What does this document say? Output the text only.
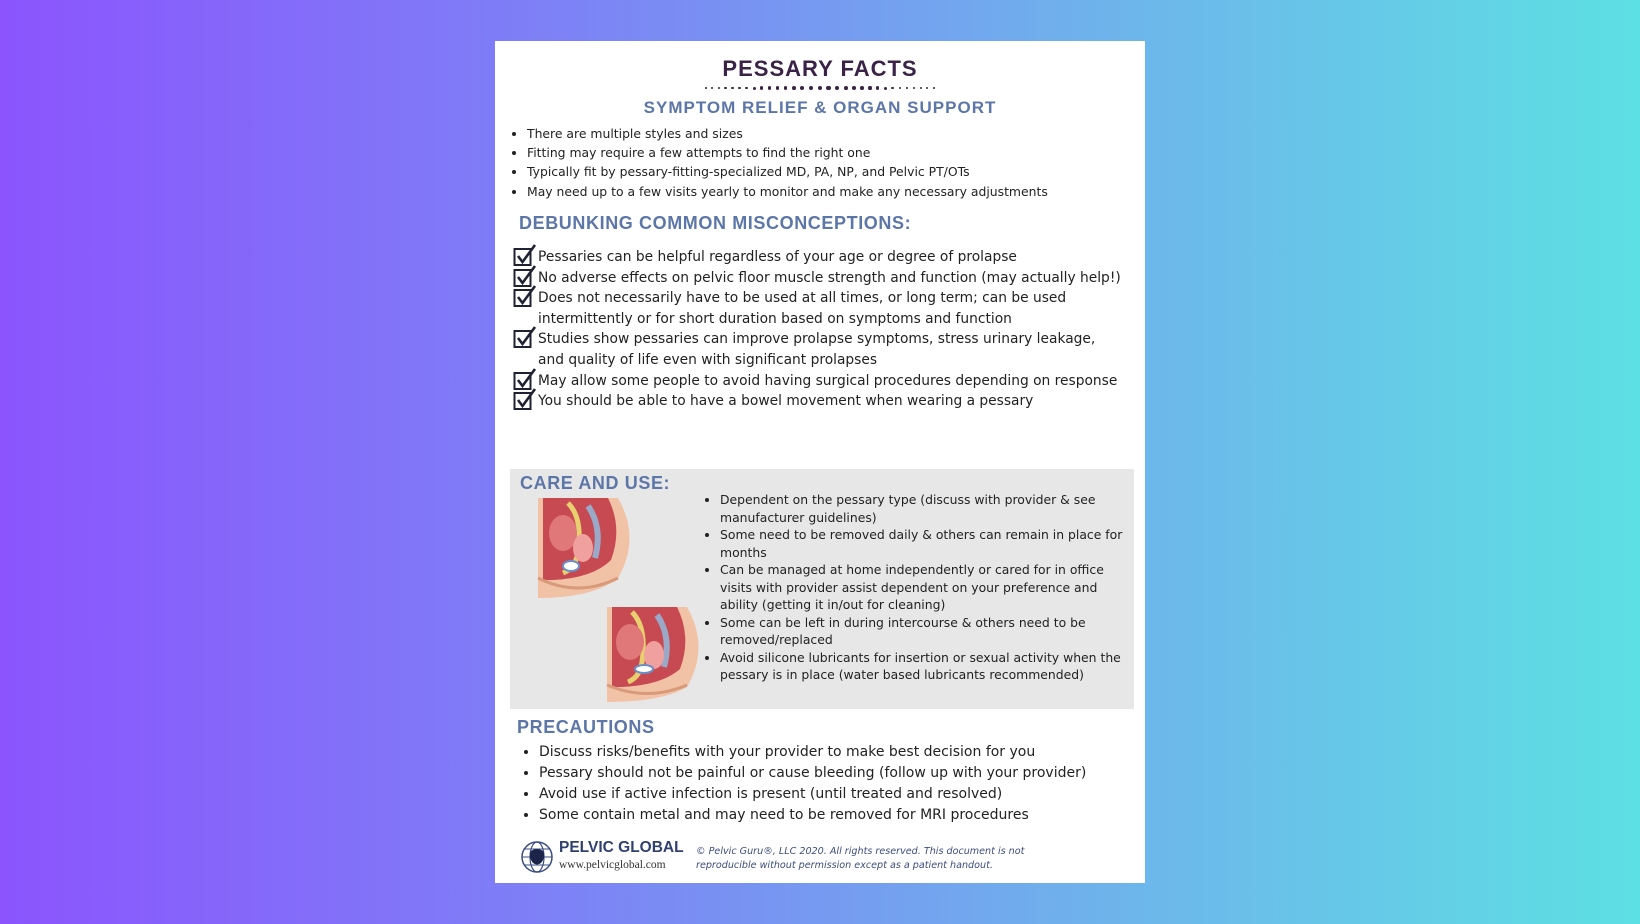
PESSARY FACTS
SYMPTOM RELIEF & ORGAN SUPPORT
• There are multiple styles and sizes
• Fitting may require a few attempts to find the right one
• Typically fit by pessary-fitting-specialized MD, PA, NP, and Pelvic PT/OTs
• May need up to a few visits yearly to monitor and make any necessary adjustments
DEBUNKING COMMON MISCONCEPTIONS:
Pessaries can be helpful regardless of your age or degree of prolapse
No adverse effects on pelvic floor muscle strength and function (may actually help!)
Does not necessarily have to be used at all times, or long term; can be used intermittently or for short duration based on symptoms and function
Studies show pessaries can improve prolapse symptoms, stress urinary leakage, and quality of life even with significant prolapses
May allow some people to avoid having surgical procedures depending on response
You should be able to have a bowel movement when wearing a pessary
CARE AND USE:
• Dependent on the pessary type (discuss with provider & see manufacturer guidelines)
• Some need to be removed daily & others can remain in place for months
• Can be managed at home independently or cared for in office visits with provider assist dependent on your preference and ability (getting it in/out for cleaning)
• Some can be left in during intercourse & others need to be removed/replaced
• Avoid silicone lubricants for insertion or sexual activity when the pessary is in place (water based lubricants recommended)
PRECAUTIONS
• Discuss risks/benefits with your provider to make best decision for you
• Pessary should not be painful or cause bleeding (follow up with your provider)
• Avoid use if active infection is present (until treated and resolved)
• Some contain metal and may need to be removed for MRI procedures
PELVIC GLOBAL
www.pelvicglobal.com
© Pelvic Guru®, LLC 2020. All rights reserved. This document is not reproducible without permission except as a patient handout.
